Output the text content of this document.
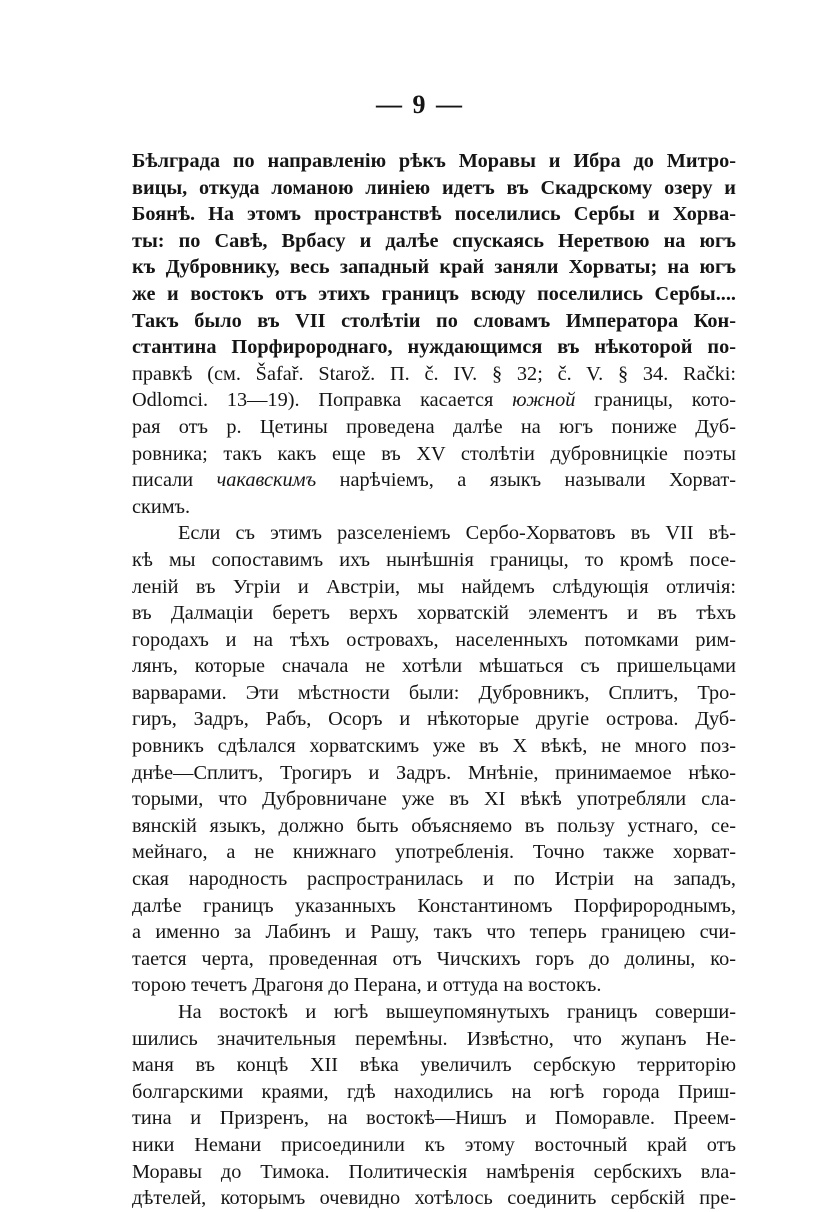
— 9 —
Бѣлграда по направленію рѣкъ Моравы и Ибра до Митро-
вицы, откуда ломаною линіею идетъ въ Скадрскому озеру и
Боянѣ. На этомъ пространствѣ поселились Сербы и Хорва-
ты: по Савѣ, Врбасу и далѣе спускаясь Неретвою на югъ
къ Дубровнику, весь западный край заняли Хорваты; на югъ
же и востокъ отъ этихъ границъ всюду поселились Сербы....
Такъ было въ VII столѣтіи по словамъ Императора Кон-
стантина Порфиророднаго, нуждающимся въ нѣкоторой по-
правкѣ (см. Šafař. Starož. П. č. IV. § 32; č. V. § 34. Rački:
Odlomci. 13—19). Поправка касается южной границы, кото-
рая отъ р. Цетины проведена далѣе на югъ пониже Дуб-
ровника; такъ какъ еще въ XV столѣтіи дубровницкіе поэты
писали чакавскимъ нарѣчіемъ, а языкъ называли Хорват-
скимъ.
Если съ этимъ разселеніемъ Сербо-Хорватовъ въ VII вѣ-
кѣ мы сопоставимъ ихъ нынѣшнія границы, то кромѣ посе-
леній въ Угріи и Австріи, мы найдемъ слѣдующія отличія:
въ Далмаціи беретъ верхъ хорватскій элементъ и въ тѣхъ
городахъ и на тѣхъ островахъ, населенныхъ потомками рим-
лянъ, которые сначала не хотѣли мѣшаться съ пришельцами
варварами. Эти мѣстности были: Дубровникъ, Сплитъ, Тро-
гиръ, Задръ, Рабъ, Осоръ и нѣкоторые другіе острова. Дуб-
ровникъ сдѣлался хорватскимъ уже въ X вѣкѣ, не много поз-
днѣе—Сплитъ, Трогиръ и Задръ. Мнѣніе, принимаемое нѣко-
торыми, что Дубровничане уже въ XI вѣкѣ употребляли сла-
вянскій языкъ, должно быть объясняемо въ пользу устнаго, се-
мейнаго, а не книжнаго употребленія. Точно также хорват-
ская народность распространилась и по Истріи на западъ,
далѣе границъ указанныхъ Константиномъ Порфиророднымъ,
а именно за Лабинъ и Рашу, такъ что теперь границею счи-
тается черта, проведенная отъ Чичскихъ горъ до долины, ко-
торою течетъ Драгоня до Перана, и оттуда на востокъ.
На востокѣ и югѣ вышеупомянутыхъ границъ соверши-
шились значительныя перемѣны. Извѣстно, что жупанъ Не-
маня въ концѣ XII вѣка увеличилъ сербскую территорію
болгарскими краями, гдѣ находились на югѣ города Приш-
тина и Призренъ, на востокѣ—Нишъ и Поморавле. Преем-
ники Немани присоединили къ этому восточный край отъ
Моравы до Тимока. Политическія намѣренія сербскихъ вла-
дѣтелей, которымъ очевидно хотѣлось соединить сербскій пре-
